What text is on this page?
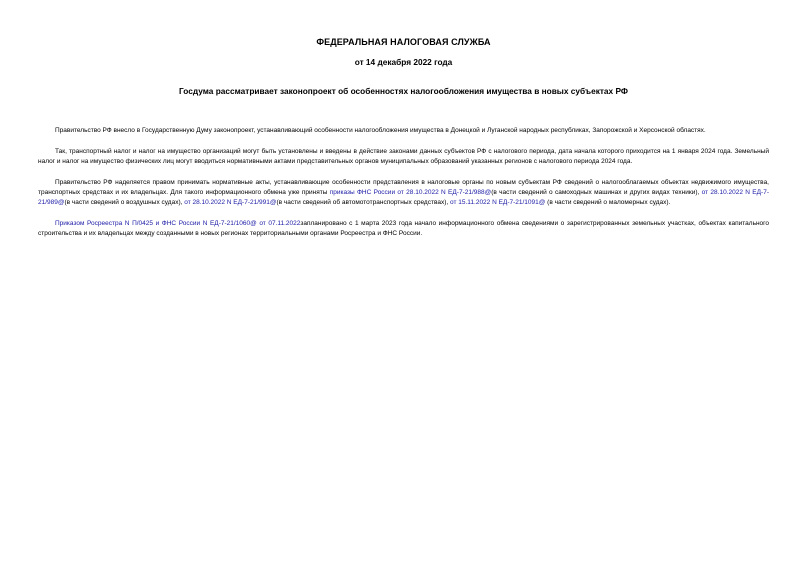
ФЕДЕРАЛЬНАЯ НАЛОГОВАЯ СЛУЖБА
от 14 декабря 2022 года
Госдума рассматривает законопроект об особенностях налогообложения имущества в новых субъектах РФ

Правительство РФ внесло в Государственную Думу законопроект, устанавливающий особенности налогообложения имущества в Донецкой и Луганской народных республиках, Запорожской и Херсонской областях.

Так, транспортный налог и налог на имущество организаций могут быть установлены и введены в действие законами данных субъектов РФ с налогового периода, дата начала которого приходится на 1 января 2024 года. Земельный налог и налог на имущество физических лиц могут вводиться нормативными актами представительных органов муниципальных образований указанных регионов с налогового периода 2024 года.

Правительство РФ наделяется правом принимать нормативные акты, устанавливающие особенности представления в налоговые органы по новым субъектам РФ сведений о налогооблагаемых объектах недвижимого имущества, транспортных средствах и их владельцах. Для такого информационного обмена уже приняты приказы ФНС России от 28.10.2022 N ЕД-7-21/988@(в части сведений о самоходных машинах и других видах техники), от 28.10.2022 N ЕД-7-21/989@(в части сведений о воздушных судах), от 28.10.2022 N ЕД-7-21/991@(в части сведений об автомототранспортных средствах), от 15.11.2022 N ЕД-7-21/1091@ (в части сведений о маломерных судах).

Приказом Росреестра N П/0425 и ФНС России N ЕД-7-21/1060@ от 07.11.2022запланировано с 1 марта 2023 года начало информационного обмена сведениями о зарегистрированных земельных участках, объектах капитального строительства и их владельцах между созданными в новых регионах территориальными органами Росреестра и ФНС России.
